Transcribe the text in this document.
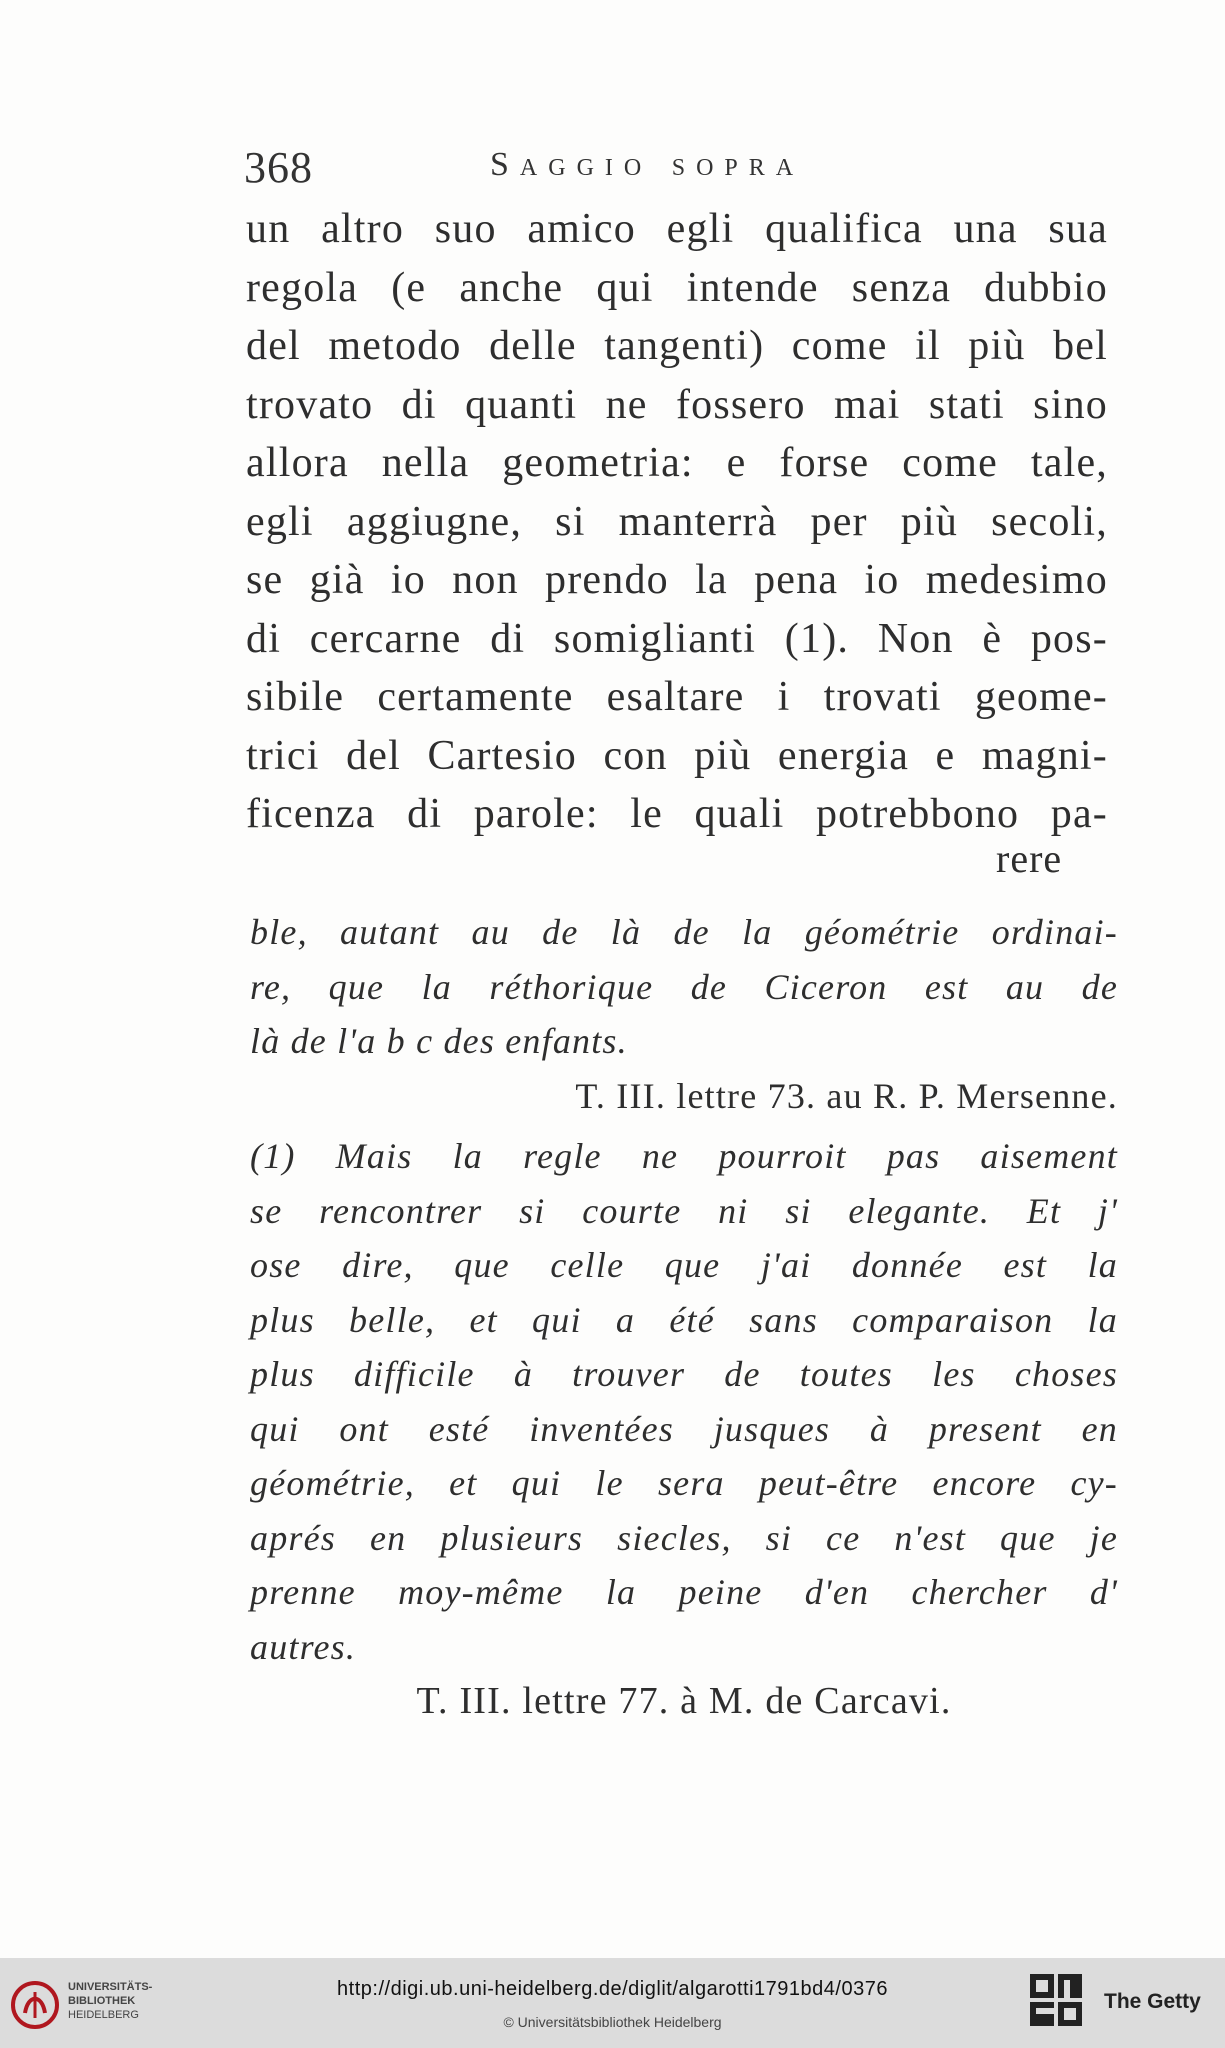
368	Saggio sopra
un altro suo amico egli qualifica una sua
regola (e anche qui intende senza dubbio
del metodo delle tangenti) come il più bel
trovato di quanti ne fossero mai stati sino
allora nella geometria: e forse come tale,
egli aggiugne, si manterrà per più secoli,
se già io non prendo la pena io medesimo
di cercarne di somiglianti (1). Non è pos-
sibile certamente esaltare i trovati geome-
trici del Cartesio con più energia e magni-
ficenza di parole: le quali potrebbono pa-
rere
ble, autant au de là de la géométrie ordinai-
re, que la réthorique de Ciceron est au de
là de l'a b c des enfants.
T. III. lettre 73. au R. P. Mersenne.
(1) Mais la regle ne pourroit pas aisement
se rencontrer si courte ni si elegante. Et j'
ose dire, que celle que j'ai donnée est la
plus belle, et qui a été sans comparaison la
plus difficile à trouver de toutes les choses
qui ont esté inventées jusques à present en
géométrie, et qui le sera peut-être encore cy-
aprés en plusieurs siecles, si ce n'est que je
prenne moy-même la peine d'en chercher d'
autres.
T. III. lettre 77. à M. de Carcavi.
UNIVERSITÄTS-
BIBLIOTHEK
HEIDELBERG
http://digi.ub.uni-heidelberg.de/diglit/algarotti1791bd4/0376
© Universitätsbibliothek Heidelberg
The Getty
